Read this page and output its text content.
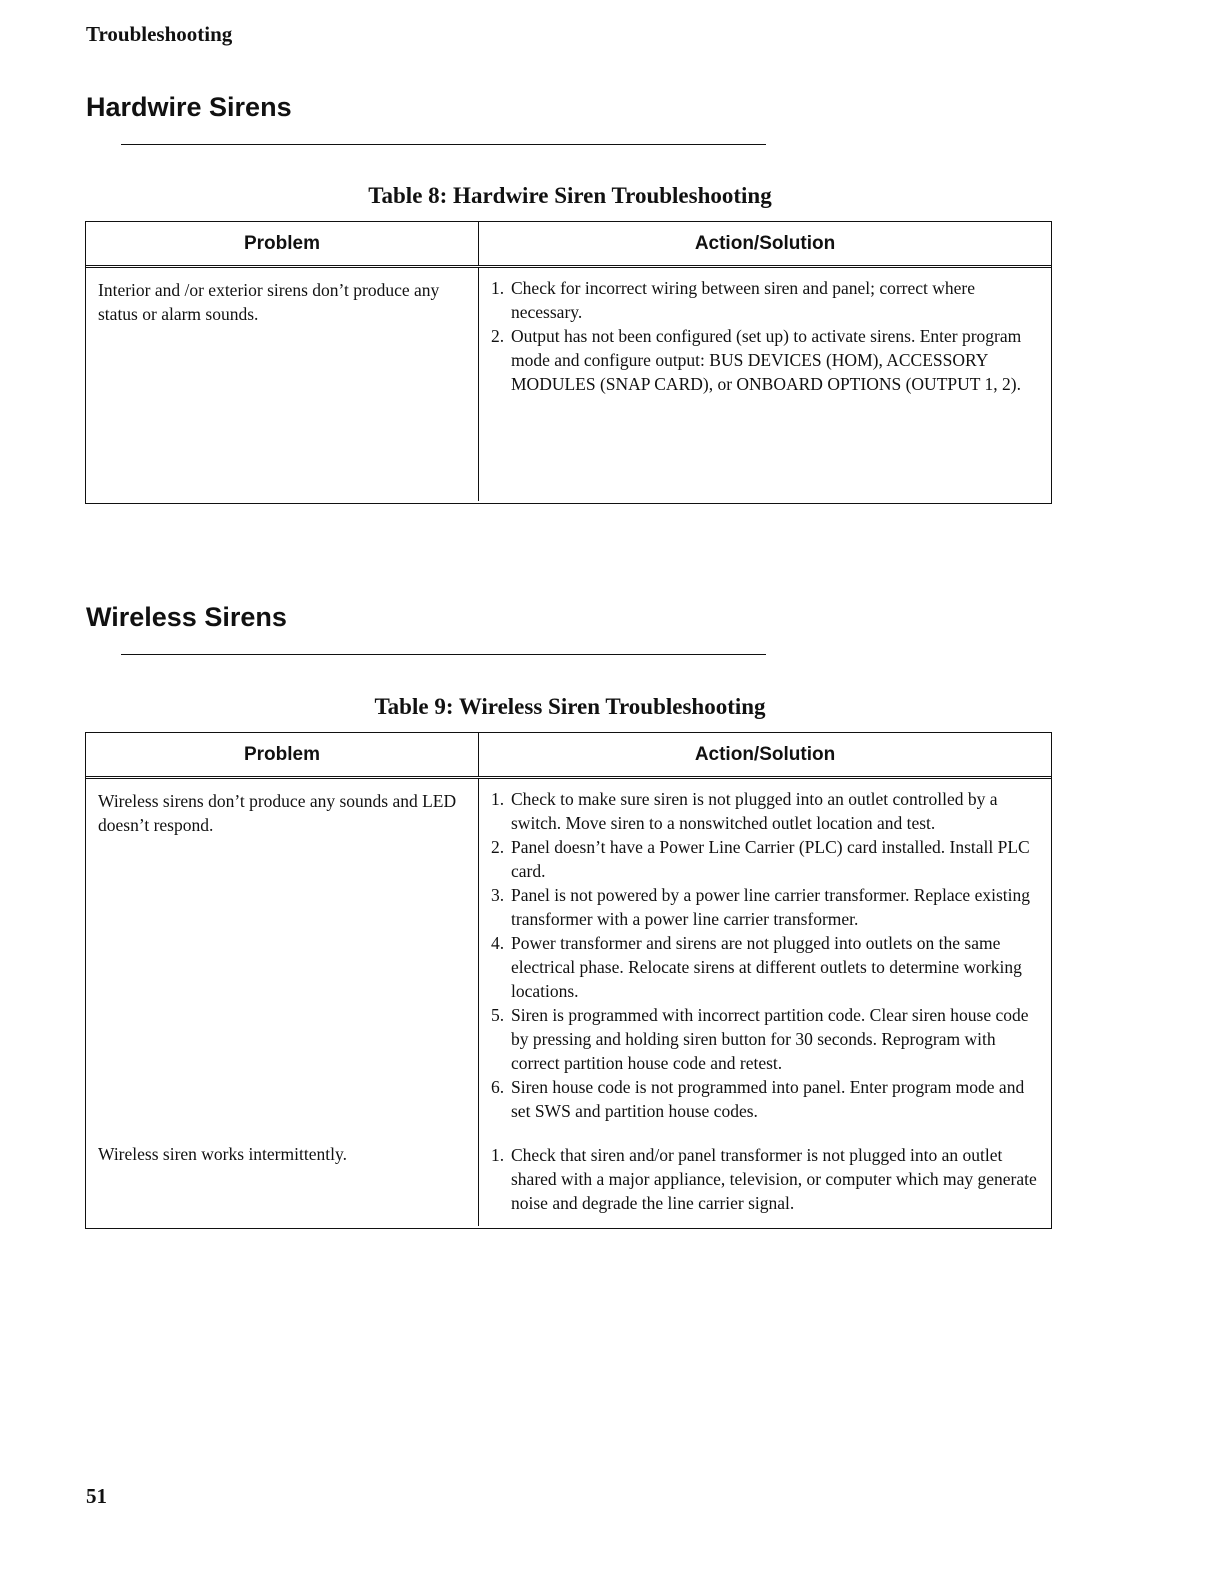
Troubleshooting
Hardwire Sirens
Table 8: Hardwire Siren Troubleshooting
Problem	Action/Solution
Interior and /or exterior sirens don’t produce any status or alarm sounds.
1. Check for incorrect wiring between siren and panel; correct where necessary.
2. Output has not been configured (set up) to activate sirens. Enter program mode and configure output: BUS DEVICES (HOM), ACCESSORY MODULES (SNAP CARD), or ONBOARD OPTIONS (OUTPUT 1, 2).
Wireless Sirens
Table 9: Wireless Siren Troubleshooting
Problem	Action/Solution
Wireless sirens don’t produce any sounds and LED doesn’t respond.
Wireless siren works intermittently.
1. Check to make sure siren is not plugged into an outlet controlled by a switch. Move siren to a nonswitched outlet location and test.
2. Panel doesn’t have a Power Line Carrier (PLC) card installed. Install PLC card.
3. Panel is not powered by a power line carrier transformer. Replace existing transformer with a power line carrier transformer.
4. Power transformer and sirens are not plugged into outlets on the same electrical phase. Relocate sirens at different outlets to determine working locations.
5. Siren is programmed with incorrect partition code. Clear siren house code by pressing and holding siren button for 30 seconds. Reprogram with correct partition house code and retest.
6. Siren house code is not programmed into panel. Enter program mode and set SWS and partition house codes.
1. Check that siren and/or panel transformer is not plugged into an outlet shared with a major appliance, television, or computer which may generate noise and degrade the line carrier signal.
51
